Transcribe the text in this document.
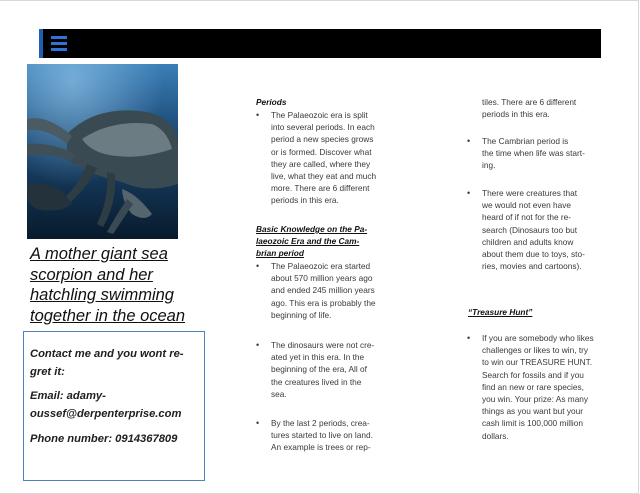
A mother giant sea
scorpion and her
hatchling swimming
together in the ocean
Contact me and you wont re-
gret it:
Email: adamy-
oussef@derpenterprise.com
Phone number: 0914367809
Periods
•	The Palaeozoic era is split
into several periods. In each
period a new species grows
or is formed. Discover what
they are called, where they
live, what they eat and much
more. There are 6 different
periods in this era.
Basic Knowledge on the Pa-
laeozoic Era and the Cam-
brian period
•	The Palaeozoic era started
about 570 million years ago
and ended 245 million years
ago. This era is probably the
beginning of life.
•	The dinosaurs were not cre-
ated yet in this era. In the
beginning of the era, All of
the creatures lived in the
sea.
•	By the last 2 periods, crea-
tures started to live on land.
An example is trees or rep-
tiles. There are 6 different
periods in this era.
•	The Cambrian period is
the time when life was start-
ing.
•	There were creatures that
we would not even have
heard of if not for the re-
search (Dinosaurs too but
children and adults know
about them due to toys, sto-
ries, movies and cartoons).
“Treasure Hunt”
•	If you are somebody who likes
challenges or likes to win, try
to win our TREASURE HUNT.
Search for fossils and if you
find an new or rare species,
you win. Your prize: As many
things as you want but your
cash limit is 100,000 million
dollars.
